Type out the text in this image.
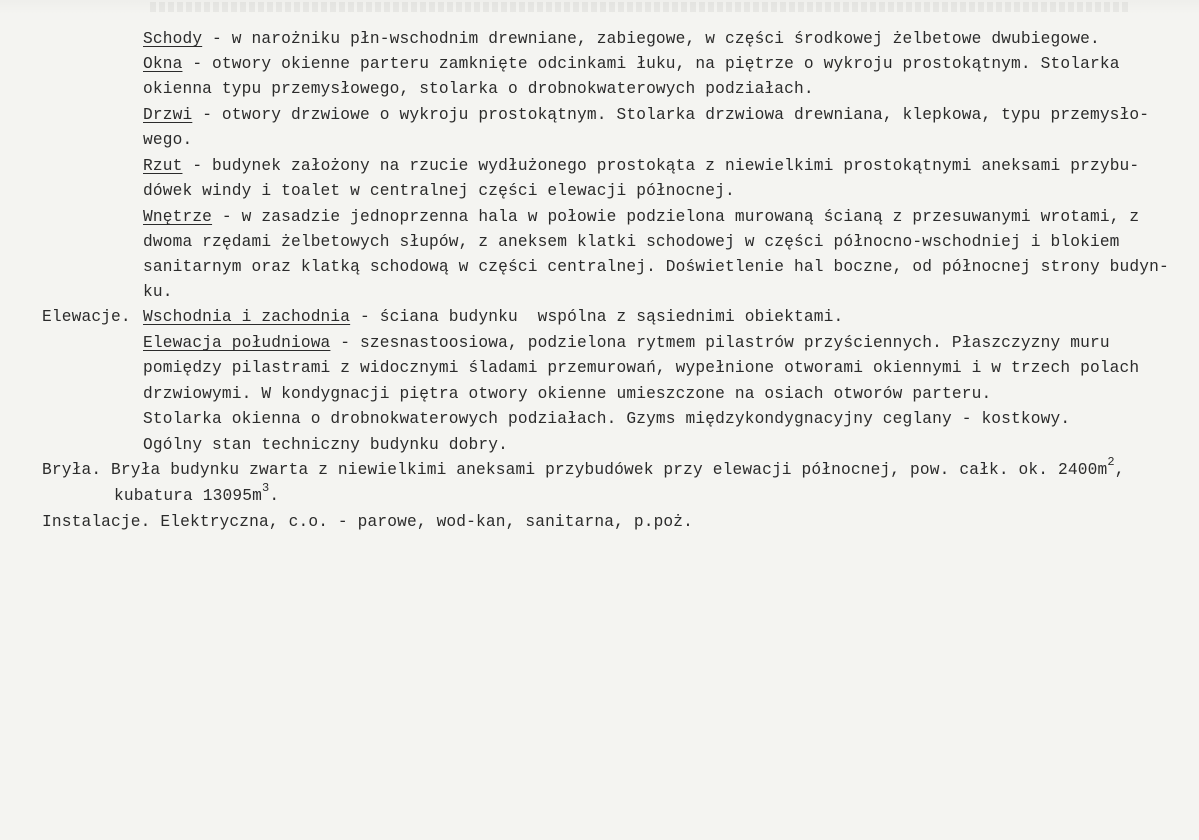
Schody - w narożniku płn-wschodnim drewniane, zabiegowe, w części środkowej żelbetowe dwubiegowe.
Okna - otwory okienne parteru zamknięte odcinkami łuku, na piętrze o wykroju prostokątnym. Stolarka
okienna typu przemysłowego, stolarka o drobnokwaterowych podziałach.
Drzwi - otwory drzwiowe o wykroju prostokątnym. Stolarka drzwiowa drewniana, klepkowa, typu przemysło-
wego.
Rzut - budynek założony na rzucie wydłużonego prostokąta z niewielkimi prostokątnymi aneksami przybu-
dówek windy i toalet w centralnej części elewacji północnej.
Wnętrze - w zasadzie jednoprzenna hala w połowie podzielona murowaną ścianą z przesuwanymi wrotami, z
dwoma rzędami żelbetowych słupów, z aneksem klatki schodowej w części północno-wschodniej i blokiem
sanitarnym oraz klatką schodową w części centralnej. Doświetlenie hal boczne, od północnej strony budyn-
ku.
Elewacje. Wschodnia i zachodnia - ściana budynku  wspólna z sąsiednimi obiektami.
Elewacja południowa - szesnastoosiowa, podzielona rytmem pilastrów przyściennych. Płaszczyzny muru
pomiędzy pilastrami z widocznymi śladami przemurowań, wypełnione otworami okiennymi i w trzech polach
drzwiowymi. W kondygnacji piętra otwory okienne umieszczone na osiach otworów parteru.
Stolarka okienna o drobnokwaterowych podziałach. Gzyms międzykondygnacyjny ceglany - kostkowy.
Ogólny stan techniczny budynku dobry.
Bryła. Bryła budynku zwarta z niewielkimi aneksami przybudówek przy elewacji północnej, pow. całk. ok. $2400m^2$,
kubatura $13095m^3$.
Instalacje. Elektryczna, c.o. - parowe, wod-kan, sanitarna, p.poż.
